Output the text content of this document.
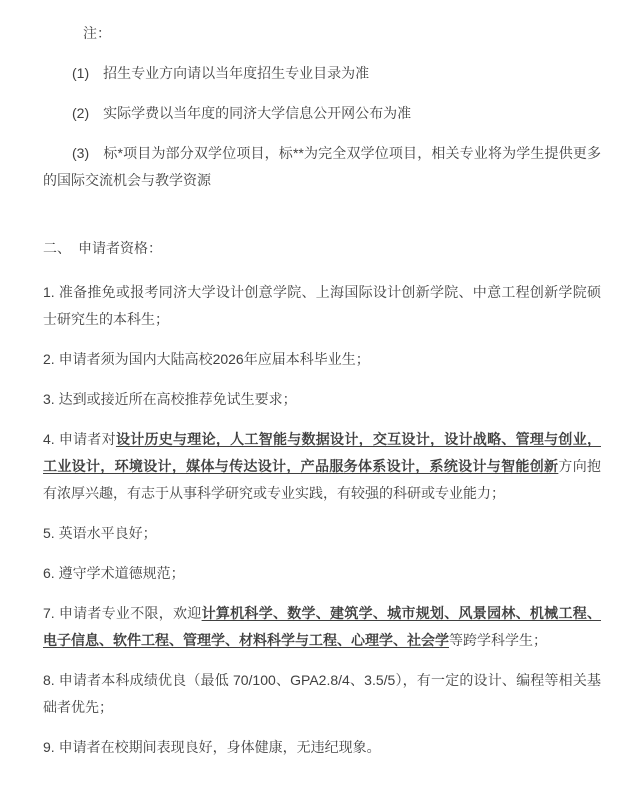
注：

(1)　招生专业方向请以当年度招生专业目录为准

(2)　实际学费以当年度的同济大学信息公开网公布为准

(3)　标*项目为部分双学位项目，标**为完全双学位项目，相关专业将为学生提供更多的国际交流机会与教学资源

二、　申请者资格：

1. 准备推免或报考同济大学设计创意学院、上海国际设计创新学院、中意工程创新学院硕士研究生的本科生；

2. 申请者须为国内大陆高校2026年应届本科毕业生；

3. 达到或接近所在高校推荐免试生要求；

4. 申请者对设计历史与理论，人工智能与数据设计，交互设计，设计战略、管理与创业，工业设计，环境设计，媒体与传达设计，产品服务体系设计，系统设计与智能创新方向抱有浓厚兴趣，有志于从事科学研究或专业实践，有较强的科研或专业能力；

5. 英语水平良好；

6. 遵守学术道德规范；

7. 申请者专业不限，欢迎计算机科学、数学、建筑学、城市规划、风景园林、机械工程、电子信息、软件工程、管理学、材料科学与工程、心理学、社会学等跨学科学生；

8. 申请者本科成绩优良（最低 70/100、GPA2.8/4、3.5/5），有一定的设计、编程等相关基础者优先；

9. 申请者在校期间表现良好，身体健康，无违纪现象。
